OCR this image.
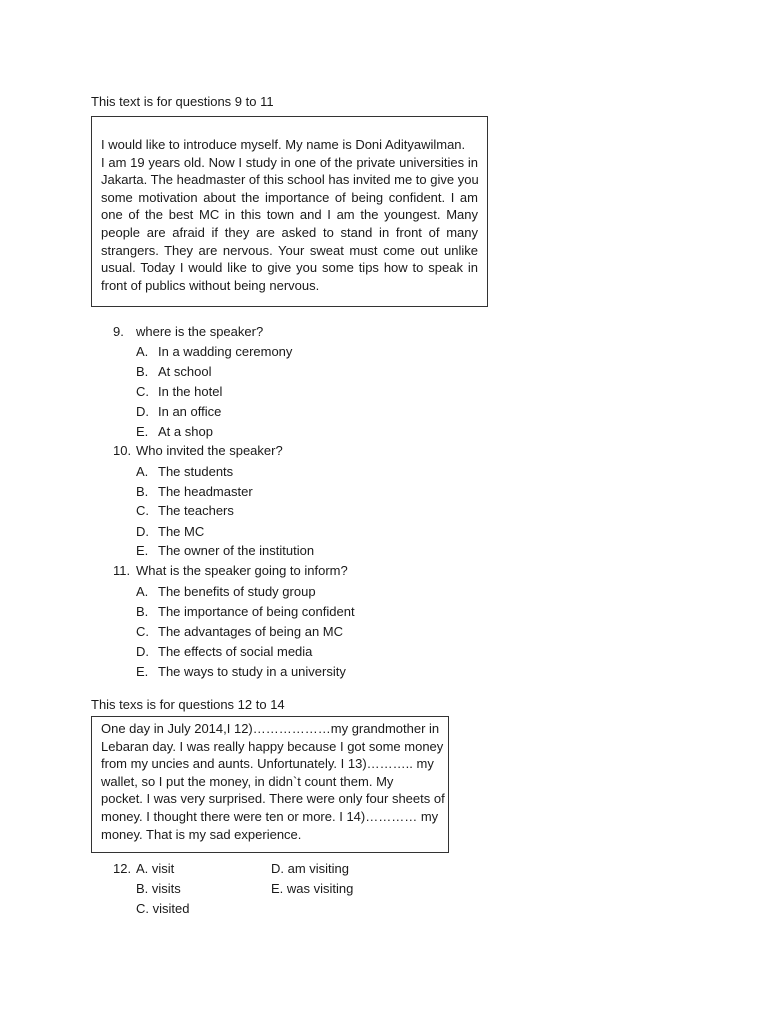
This text is for questions 9 to 11
I would like to introduce myself. My name is Doni Adityawilman.
I am 19 years old. Now I study in one of the private universities in
Jakarta. The headmaster of this school has invited me to give you
some motivation about the importance of being confident. I am
one of the best MC in this town and I am the youngest. Many
people are afraid if they are asked to stand in front of many
strangers. They are nervous. Your sweat must come out unlike
usual. Today I would like to give you some tips how to speak in
front of publics without being nervous.
9. where is the speaker?
A. In a wadding ceremony
B. At school
C. In the hotel
D. In an office
E. At a shop
10. Who invited the speaker?
A. The students
B. The headmaster
C. The teachers
D. The MC
E. The owner of the institution
11. What is the speaker going to inform?
A. The benefits of study group
B. The importance of being confident
C. The advantages of being an MC
D. The effects of social media
E. The ways to study in a university
This texs is for questions 12 to 14
One day in July 2014,I 12)………………my grandmother in
Lebaran day. I was really happy because I got some money
from my uncies and aunts. Unfortunately. I 13)……….. my
wallet, so I put the money, in didn`t count them. My
pocket. I was very surprised. There were only four sheets of
money. I thought there were ten or more. I 14)………… my
money. That is my sad experience.
12. A. visit
B. visits
C. visited
D. am visiting
E. was visiting
